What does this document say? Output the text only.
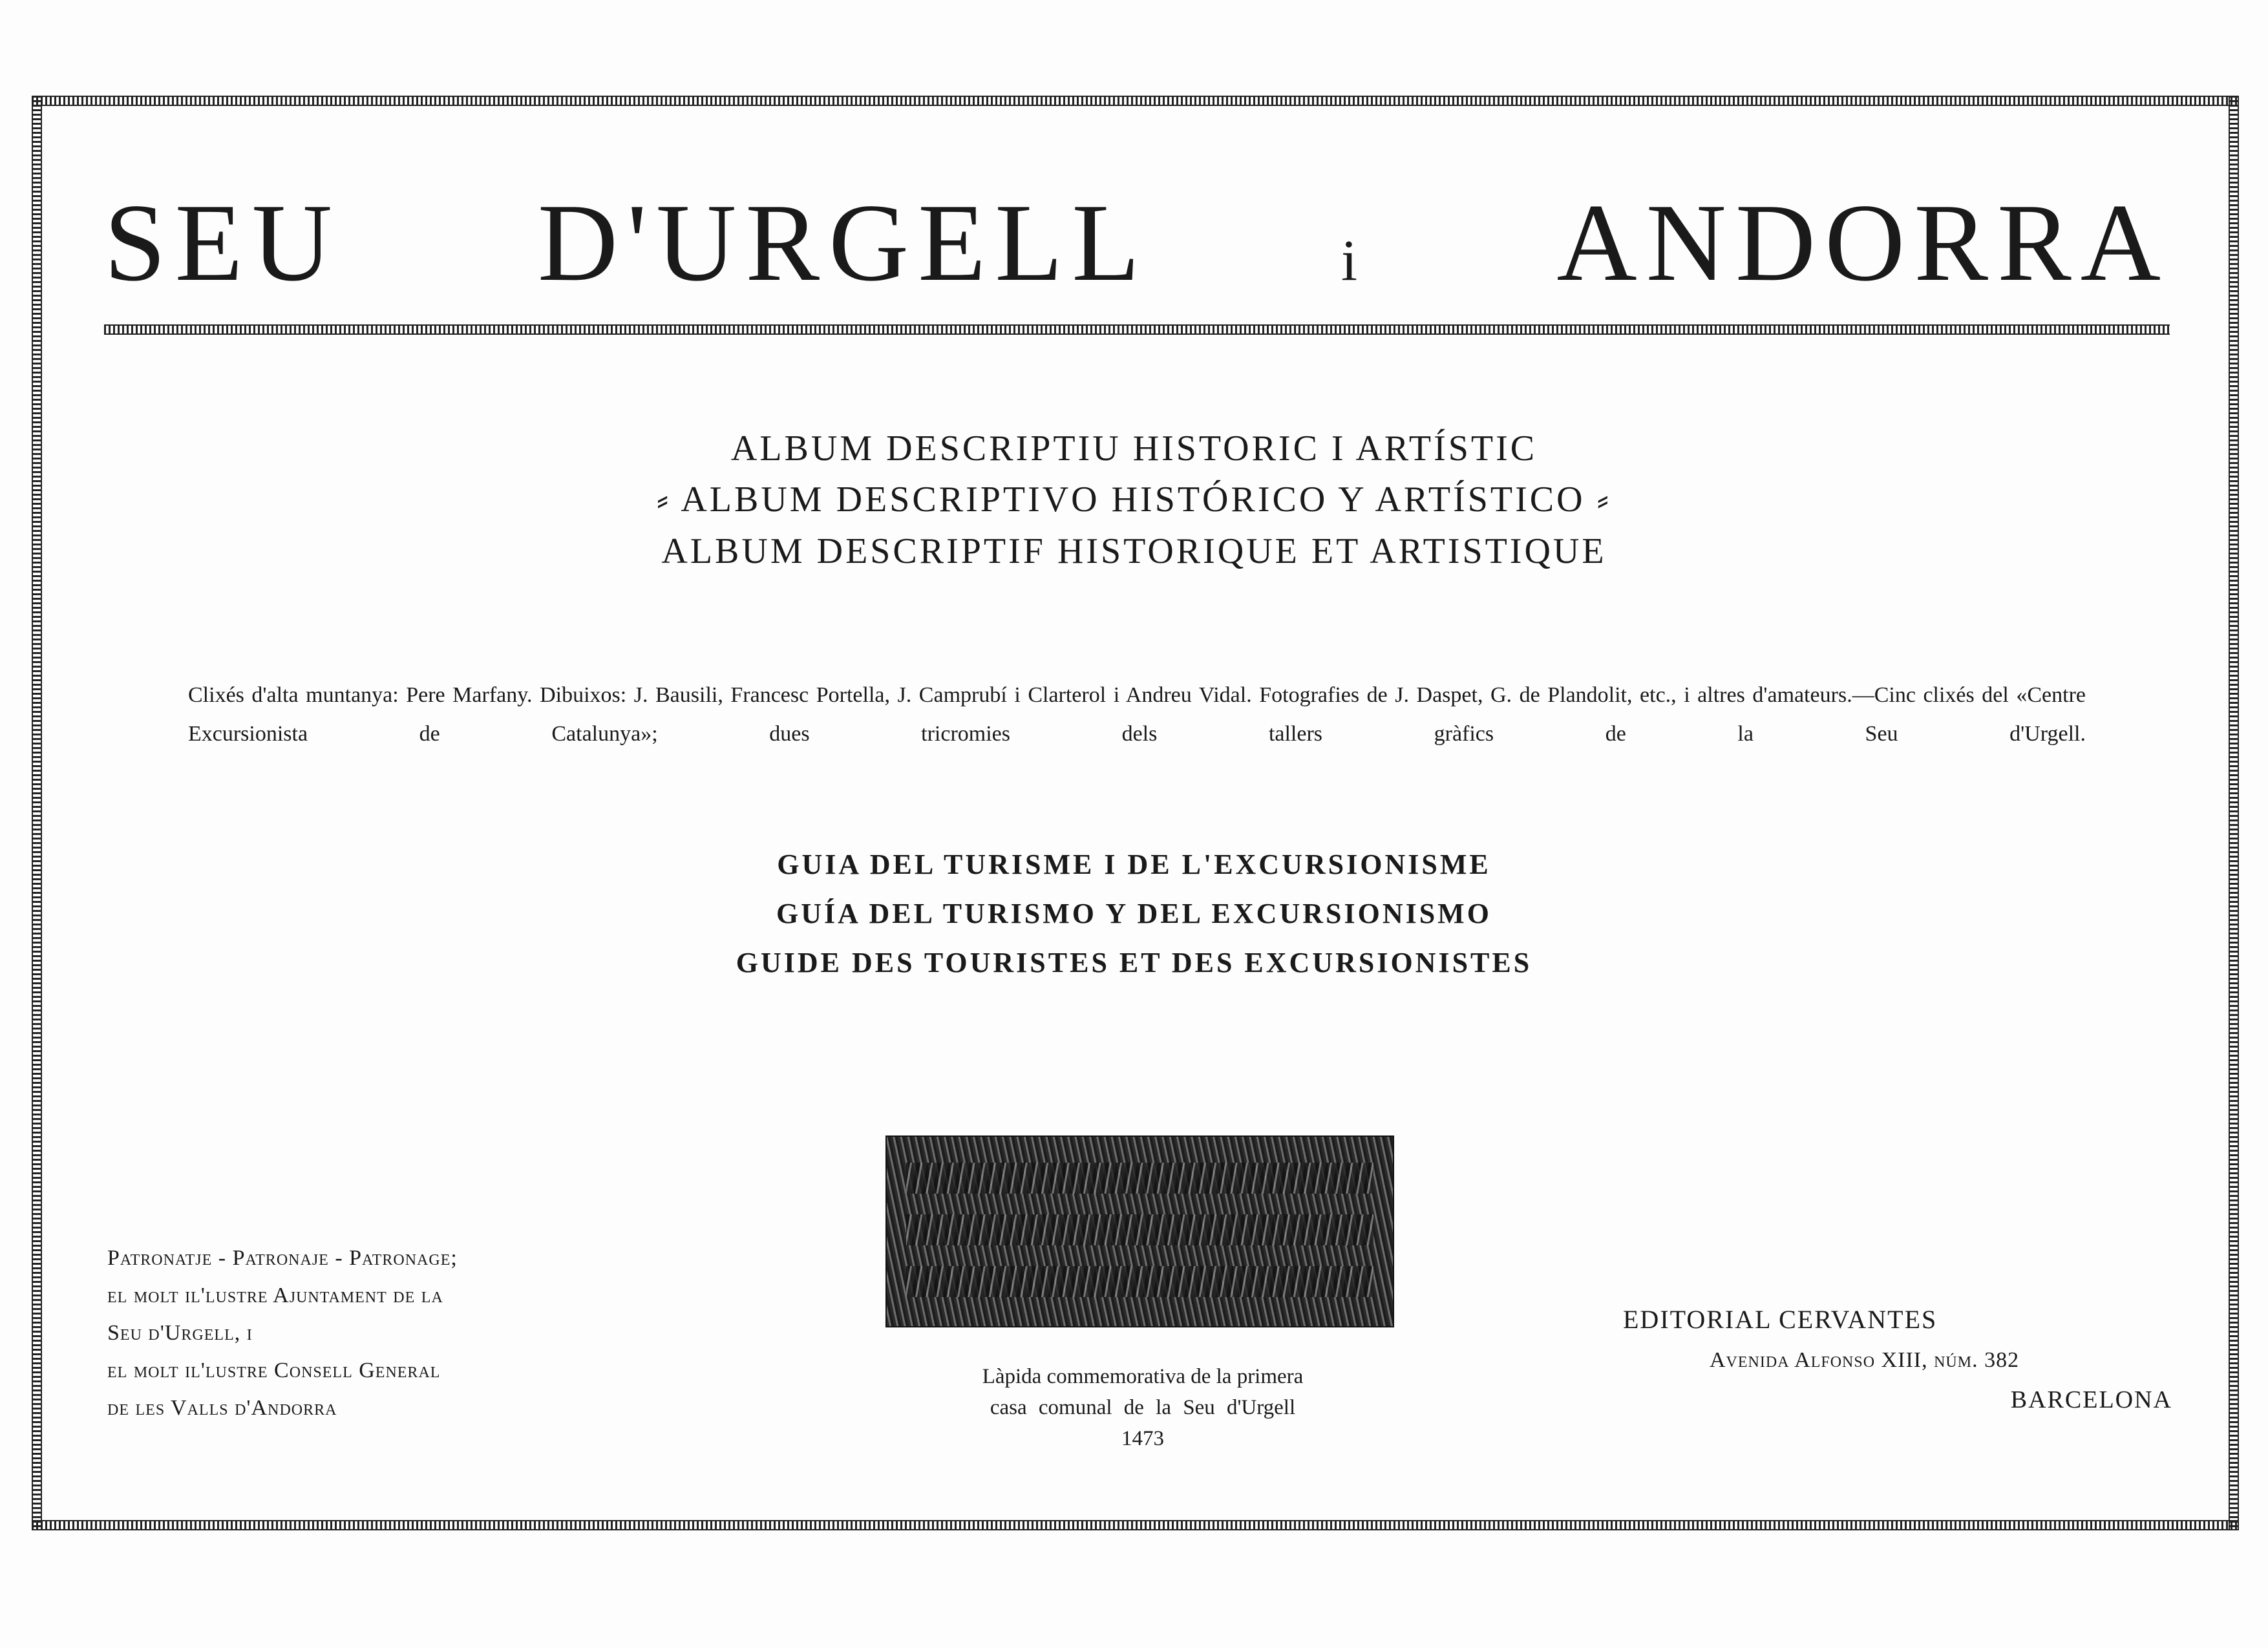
SEU D'URGELL	i ANDORRA
ALBUM DESCRIPTIU HISTORIC I ARTÍSTIC
⸗ ALBUM DESCRIPTIVO HISTÓRICO Y ARTÍSTICO ⸗
ALBUM DESCRIPTIF HISTORIQUE ET ARTISTIQUE
Clixés d'alta muntanya: Pere Marfany. Dibuixos: J. Bausili, Francesc Portella, J. Camprubí i Clarterol i Andreu Vidal. Fotografies de J. Daspet, G. de Plandolit, etc., i altres d'amateurs.—Cinc clixés del «Centre Excursionista de Catalunya»; dues tricromies dels tallers gràfics de la Seu d'Urgell.
GUIA DEL TURISME I DE L'EXCURSIONISME
GUÍA DEL TURISMO Y DEL EXCURSIONISMO
GUIDE DES TOURISTES ET DES EXCURSIONISTES
Làpida commemorativa de la primera
casa comunal de la Seu d'Urgell
1473
Patronatje - Patronaje - Patronage;
el molt il'lustre Ajuntament de la
Seu d'Urgell, i
el molt il'lustre Consell General
de les Valls d'Andorra
EDITORIAL CERVANTES
Avenida Alfonso XIII, núm. 382
BARCELONA
